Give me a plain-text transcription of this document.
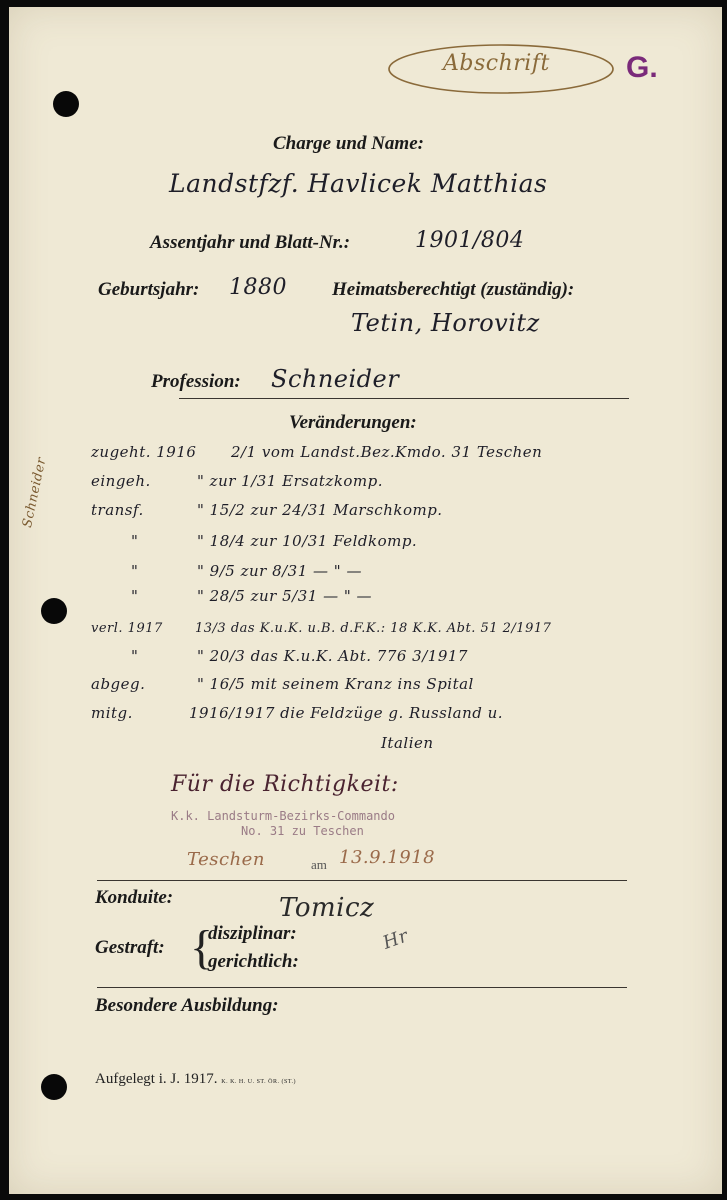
Abschrift	G.
Charge und Name:
Landstfzf. Havlicek Matthias
Assentjahr und Blatt-Nr.:	1901/804
Geburtsjahr: 1880 Heimatsberechtigt (zuständig):
Tetin, Horovitz
Profession: Schneider
Veränderungen:
Schneider
zugeht. 1916 2/1 vom Landst.Bez.Kmdo. 31 Teschen
eingeh.	" zur 1/31 Ersatzkomp.
transf.	" 15/2 zur 24/31 Marschkomp.
"	" 18/4 zur 10/31 Feldkomp.
"	" 9/5 zur 8/31 — " —
"	" 28/5 zur 5/31 — " —
verl. 1917 13/3 das K.u.K. u.B. d.F.K.: 18 K.K. Abt. 51 2/1917
"	" 20/3 das K.u.K. Abt. 776 3/1917
abgeg.	" 16/5 mit seinem Kranz ins Spital
mitg.	1916/1917 die Feldzüge g. Russland u.
Italien
Für die Richtigkeit:
K.k. Landsturm-Bezirks-Commando
No. 31 zu Teschen
Teschen	am 13.9.1918
Konduite:	Tomicz
Gestraft: {
disziplinar:
gerichtlich:
Hr
Besondere Ausbildung:
Aufgelegt i. J. 1917. K. K. H. U. ST. ÖR. (ST.)
